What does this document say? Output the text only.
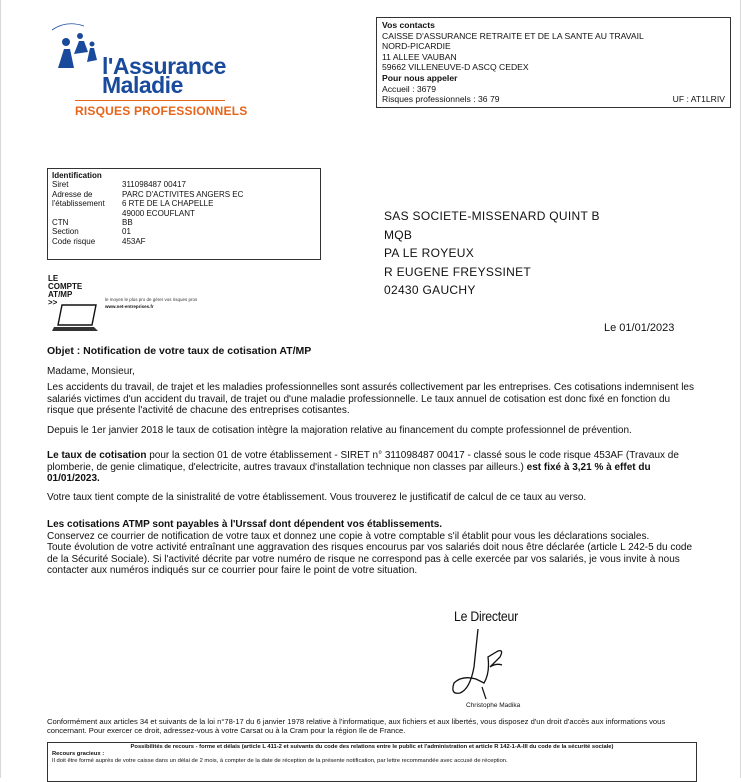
l'Assurance
Maladie
RISQUES PROFESSIONNELS
Vos contacts
CAISSE D'ASSURANCE RETRAITE ET DE LA SANTE AU TRAVAIL
NORD-PICARDIE
11 ALLEE VAUBAN
59662 VILLENEUVE-D ASCQ CEDEX
Pour nous appeler
Accueil : 3679
Risques professionnels : 36 79	UF : AT1LRIV
Identification
Siret	311098487 00417
Adresse de	PARC D'ACTIVITES ANGERS EC
l'établissement	6 RTE DE LA CHAPELLE
	49000 ECOUFLANT
CTN	BB
Section	01
Code risque	453AF
LE
COMPTE
AT/MP
>>	le moyen le plus pro de gérer vos risques pros
www.net-entreprises.fr
SAS SOCIETE-MISSENARD QUINT B
MQB
PA LE ROYEUX
R EUGENE FREYSSINET
02430 GAUCHY
Le 01/01/2023
Objet : Notification de votre taux de cotisation AT/MP
Madame, Monsieur,
Les accidents du travail, de trajet et les maladies professionnelles sont assurés collectivement par les entreprises. Ces cotisations indemnisent les salariés victimes d'un accident du travail, de trajet ou d'une maladie professionnelle. Le taux annuel de cotisation est donc fixé en fonction du risque que présente l'activité de chacune des entreprises cotisantes.
Depuis le 1er janvier 2018 le taux de cotisation intègre la majoration relative au financement du compte professionnel de prévention.
Le taux de cotisation pour la section 01 de votre établissement - SIRET n° 311098487 00417 - classé sous le code risque 453AF (Travaux de plomberie, de genie climatique, d'electricite, autres travaux d'installation technique non classes par ailleurs.) est fixé à 3,21 % à effet du 01/01/2023.
Votre taux tient compte de la sinistralité de votre établissement. Vous trouverez le justificatif de calcul de ce taux au verso.
Les cotisations ATMP sont payables à l'Urssaf dont dépendent vos établissements.
Conservez ce courrier de notification de votre taux et donnez une copie à votre comptable s'il établit pour vous les déclarations sociales.
Toute évolution de votre activité entraînant une aggravation des risques encourus par vos salariés doit nous être déclarée (article L 242-5 du code de la Sécurité Sociale). Si l'activité décrite par votre numéro de risque ne correspond pas à celle exercée par vos salariés, je vous invite à nous contacter aux numéros indiqués sur ce courrier pour faire le point de votre situation.
Le Directeur
Christophe Madika
Conformément aux articles 34 et suivants de la loi n°78-17 du 6 janvier 1978 relative à l'informatique, aux fichiers et aux libertés, vous disposez d'un droit d'accès aux informations vous concernant. Pour exercer ce droit, adressez-vous à votre Carsat ou à la Cram pour la région Ile de France.
Possibilités de recours - forme et délais (article L 411-2 et suivants du code des relations entre le public et l'administration et article R 142-1-A-III du code de la sécurité sociale)
Recours gracieux :
Il doit être formé auprès de votre caisse dans un délai de 2 mois, à compter de la date de réception de la présente notification, par lettre recommandée avec accusé de réception.
